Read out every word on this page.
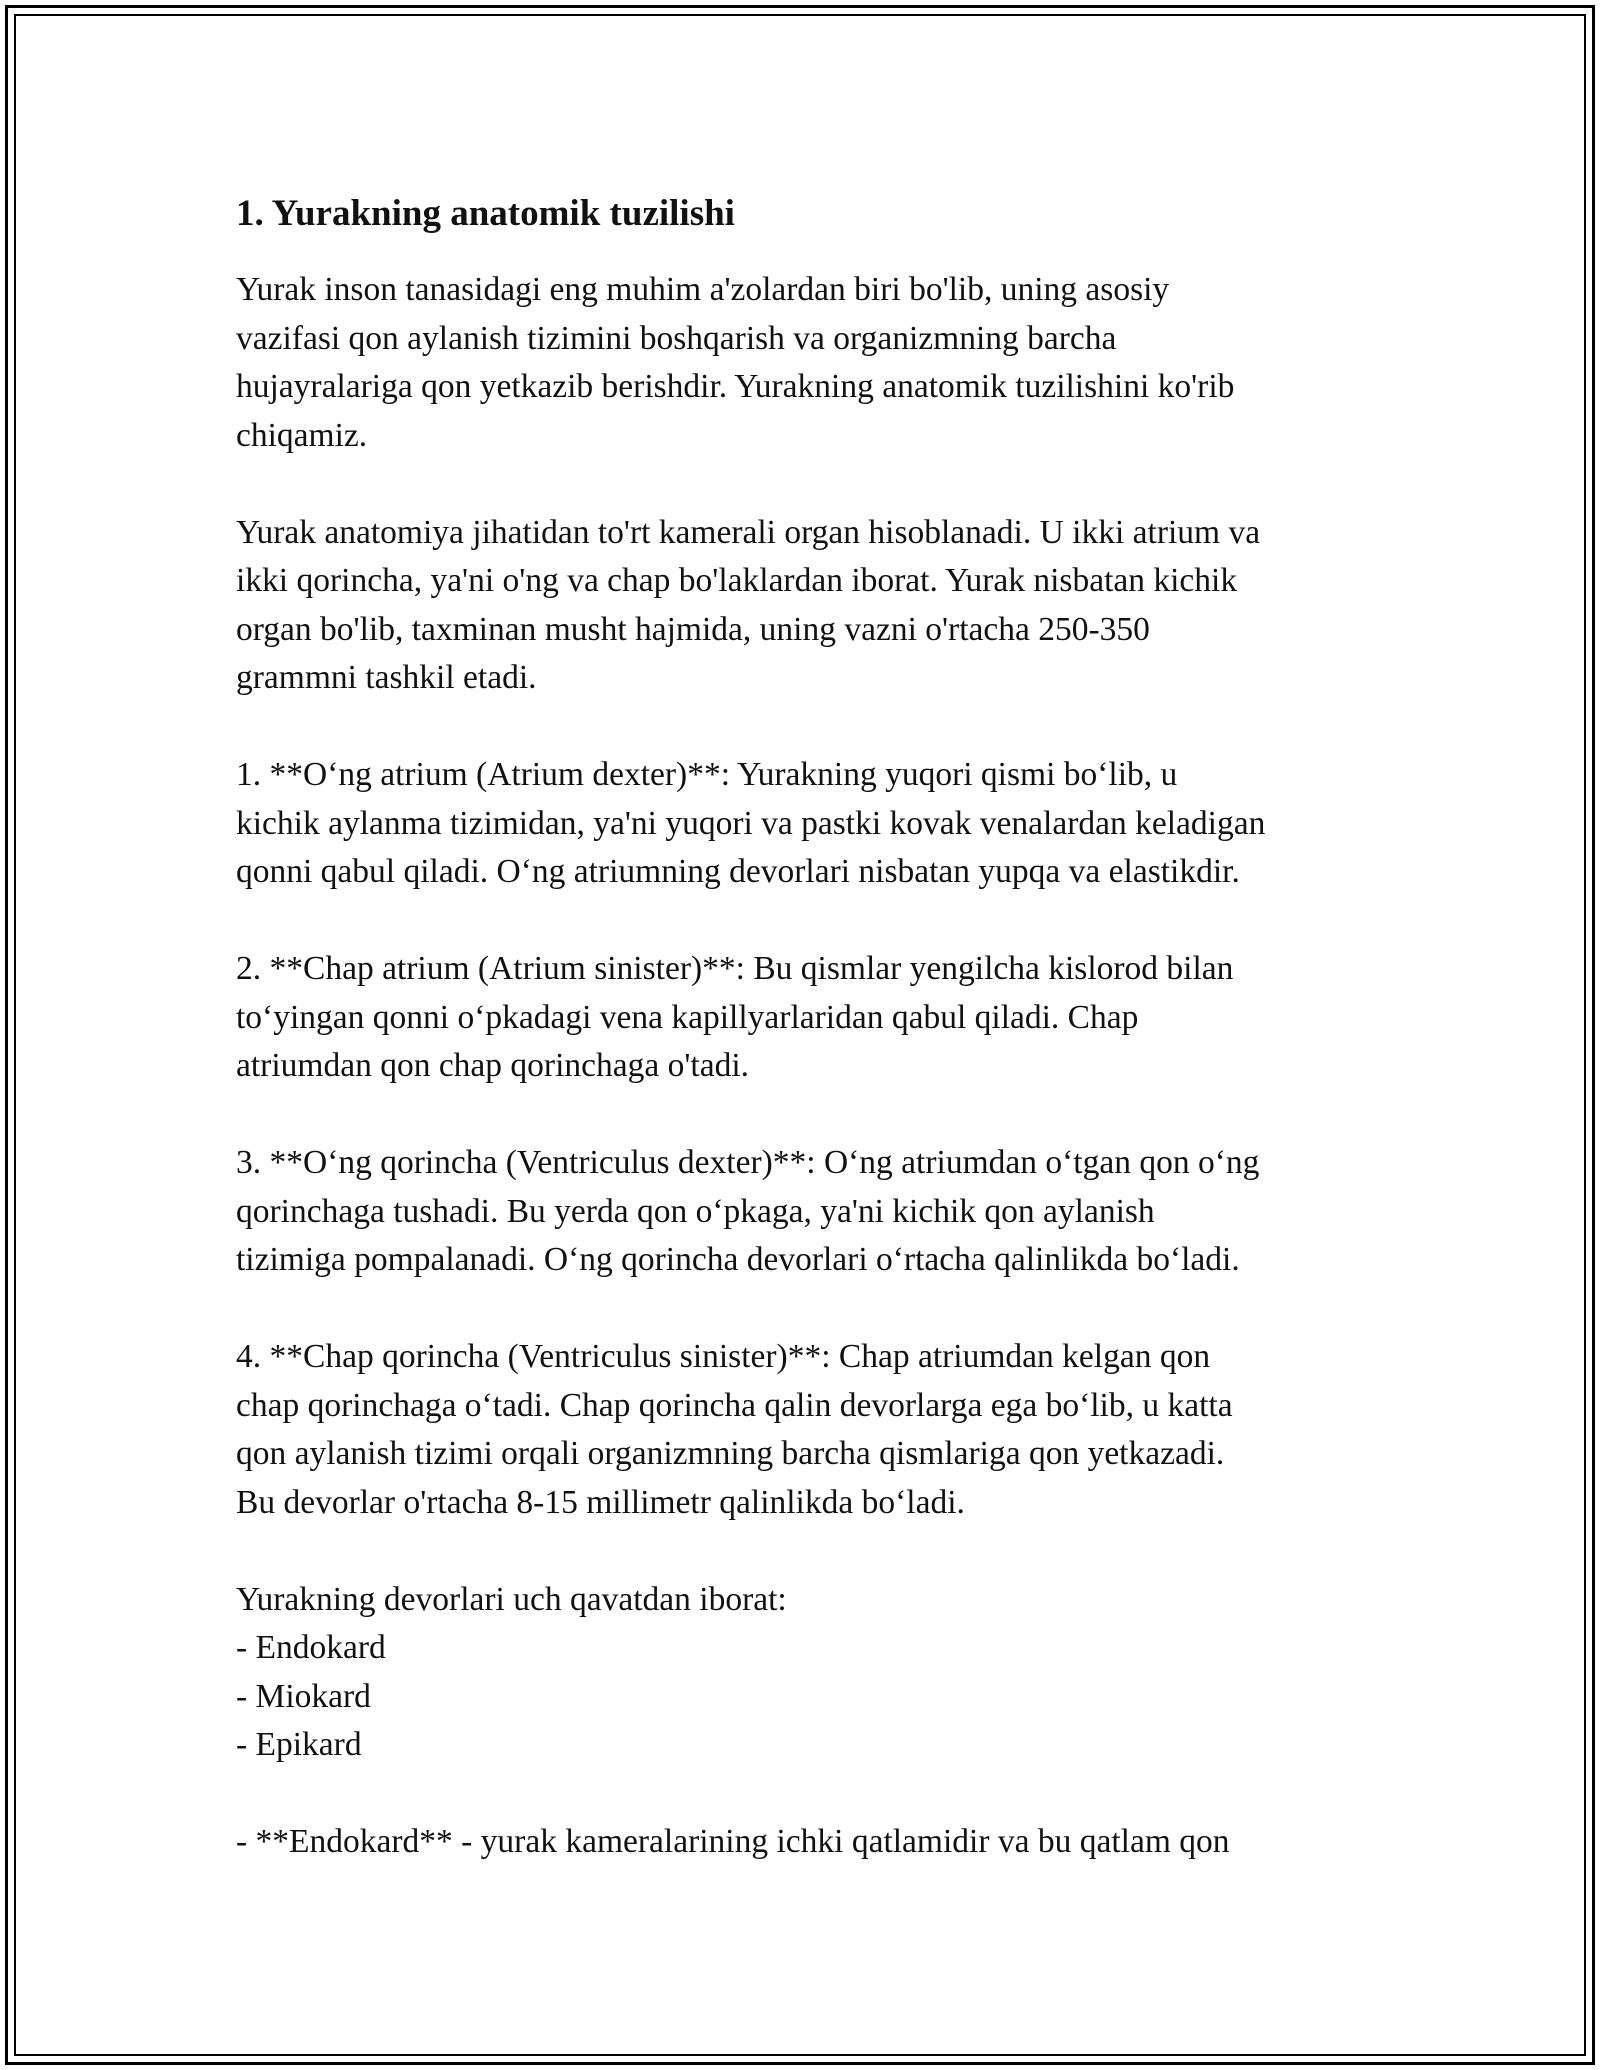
1. Yurakning anatomik tuzilishi
Yurak inson tanasidagi eng muhim a'zolardan biri bo'lib, uning asosiy
vazifasi qon aylanish tizimini boshqarish va organizmning barcha
hujayralariga qon yetkazib berishdir. Yurakning anatomik tuzilishini ko'rib
chiqamiz.
Yurak anatomiya jihatidan to'rt kamerali organ hisoblanadi. U ikki atrium va
ikki qorincha, ya'ni o'ng va chap bo'laklardan iborat. Yurak nisbatan kichik
organ bo'lib, taxminan musht hajmida, uning vazni o'rtacha 250-350
grammni tashkil etadi.
1. **O‘ng atrium (Atrium dexter)**: Yurakning yuqori qismi bo‘lib, u
kichik aylanma tizimidan, ya'ni yuqori va pastki kovak venalardan keladigan
qonni qabul qiladi. O‘ng atriumning devorlari nisbatan yupqa va elastikdir.
2. **Chap atrium (Atrium sinister)**: Bu qismlar yengilcha kislorod bilan
to‘yingan qonni o‘pkadagi vena kapillyarlaridan qabul qiladi. Chap
atriumdan qon chap qorinchaga o'tadi.
3. **O‘ng qorincha (Ventriculus dexter)**: O‘ng atriumdan o‘tgan qon o‘ng
qorinchaga tushadi. Bu yerda qon o‘pkaga, ya'ni kichik qon aylanish
tizimiga pompalanadi. O‘ng qorincha devorlari o‘rtacha qalinlikda bo‘ladi.
4. **Chap qorincha (Ventriculus sinister)**: Chap atriumdan kelgan qon
chap qorinchaga o‘tadi. Chap qorincha qalin devorlarga ega bo‘lib, u katta
qon aylanish tizimi orqali organizmning barcha qismlariga qon yetkazadi.
Bu devorlar o'rtacha 8-15 millimetr qalinlikda bo‘ladi.
Yurakning devorlari uch qavatdan iborat:
- Endokard
- Miokard
- Epikard
- **Endokard** - yurak kameralarining ichki qatlamidir va bu qatlam qon
